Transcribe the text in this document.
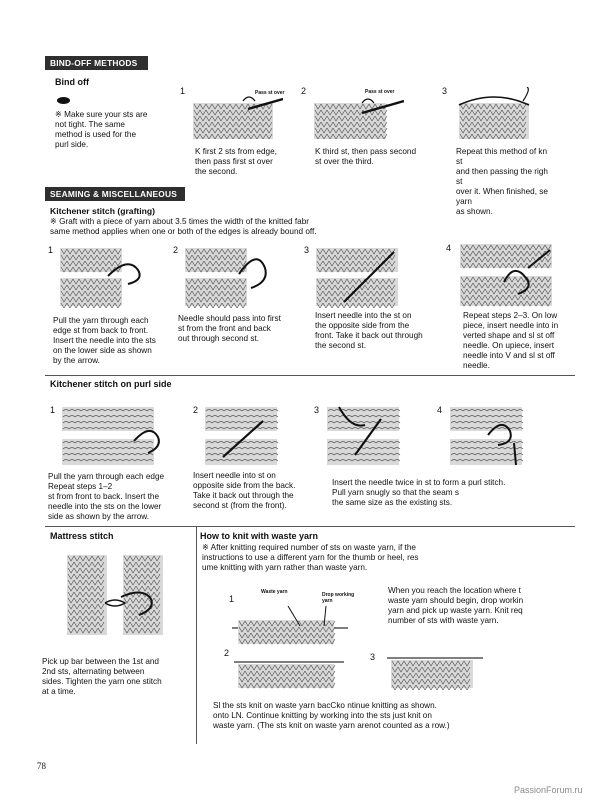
BIND-OFF METHODS
Bind off
※ Make sure your sts are
not tight. The same
method is used for the
purl side.
1	Pass st over
K first 2 sts from edge,
then pass first st over
the second.
2	Pass st over
K third st, then pass second
st over the third.
3
Repeat this method of kn
st
and then passing the righ
st
over it. When finished, se
yarn
as shown.
SEAMING & MISCELLANEOUS
Kitchener stitch (grafting)
※ Graft with a piece of yarn about 3.5 times the width of the knitted fabr
same method applies when one or both of the edges is already bound off.
1
Pull the yarn through each
edge st from back to front.
Insert the needle into the sts
on the lower side as shown
by the arrow.
2
Needle should pass into first
st from the front and back
out through second st.
3
Insert needle into the st on
the opposite side from the
front. Take it back out through
the second st.
4
Repeat steps 2–3. On low
piece, insert needle into in
verted shape and sl st off
needle. On upiece, insert
needle into V and sl st off
needle.
Kitchener stitch on purl side
1
Pull the yarn through each edge
Repeat steps 1–2
st from front to back. Insert the
needle into the sts on the lower
side as shown by the arrow.
2
Insert needle into st on
opposite side from the back.
Take it back out through the
second st (from the front).
3
Insert the needle twice in st to form a purl stitch.
Pull yarn snugly so that the seam s
the same size as the existing sts.
4
Mattress stitch
Pick up bar between the 1st and
2nd sts, alternating between
sides. Tighten the yarn one stitch
at a time.
How to knit with waste yarn
※ After knitting required number of sts on waste yarn, if the
instructions to use a different yarn for the thumb or heel, res
ume knitting with yarn rather than waste yarn.
1
Waste yarn	Drop working
yarn
When you reach the location where t
waste yarn should begin, drop workin
yarn and pick up waste yarn. Knit req
number of sts with waste yarn.
2	3
Sl the sts knit on waste yarn bacCko ntinue knitting as shown.
onto LN. Continue knitting by working into the sts just knit on
waste yarn. (The sts knit on waste yarn arenot counted as a row.)
78
PassionForum.ru
